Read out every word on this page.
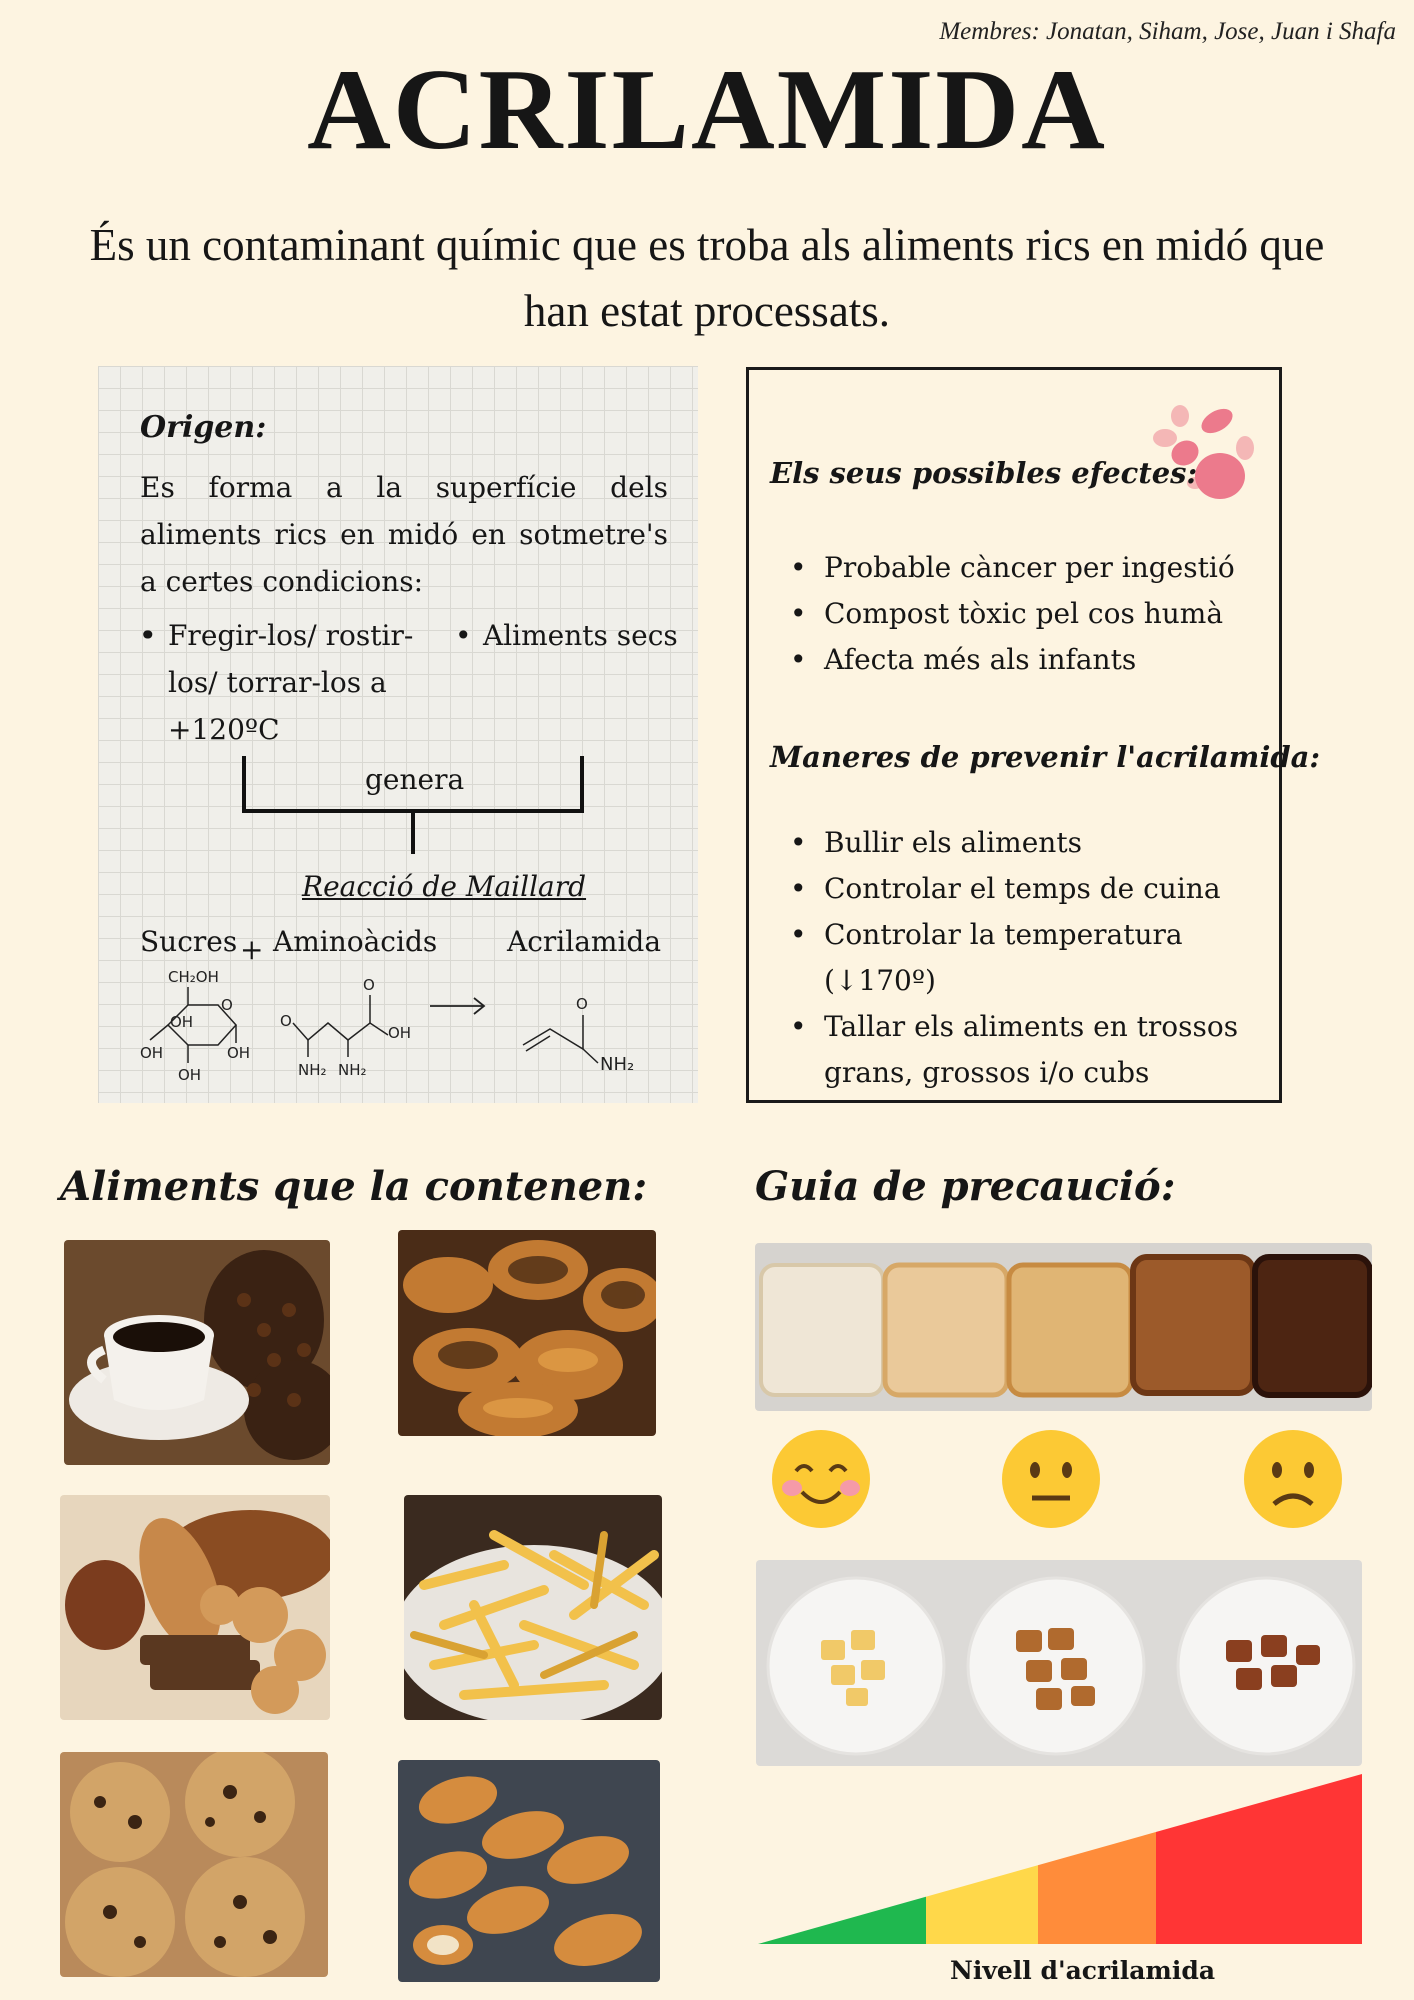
Membres: Jonatan, Siham, Jose, Juan i Shafa
ACRILAMIDA
És un contaminant químic que es troba als aliments rics en midó que han estat processats.
Origen:
Es forma a la superfície dels aliments rics en midó en sotmetre's a certes condicions:
• • Fregir-los/ rostir-los/ torrar-los a +120ºC
• Aliments secs
genera
Reacció de Maillard
Sucres + Aminoàcids Acrilamida
CH₂OH
O
OH
OH	OH
OH
O
NH₂ NH₂
O
OH
O
NH₂
Els seus possibles efectes:
• Probable càncer per ingestió
• Compost tòxic pel cos humà
• Afecta més als infants
Maneres de prevenir l'acrilamida:
• Bullir els aliments
• Controlar el temps de cuina
• Controlar la temperatura (↓170º)
• Tallar els aliments en trossos grans, grossos i/o cubs
Aliments que la contenen:	Guia de precaució:
Nivell d'acrilamida
